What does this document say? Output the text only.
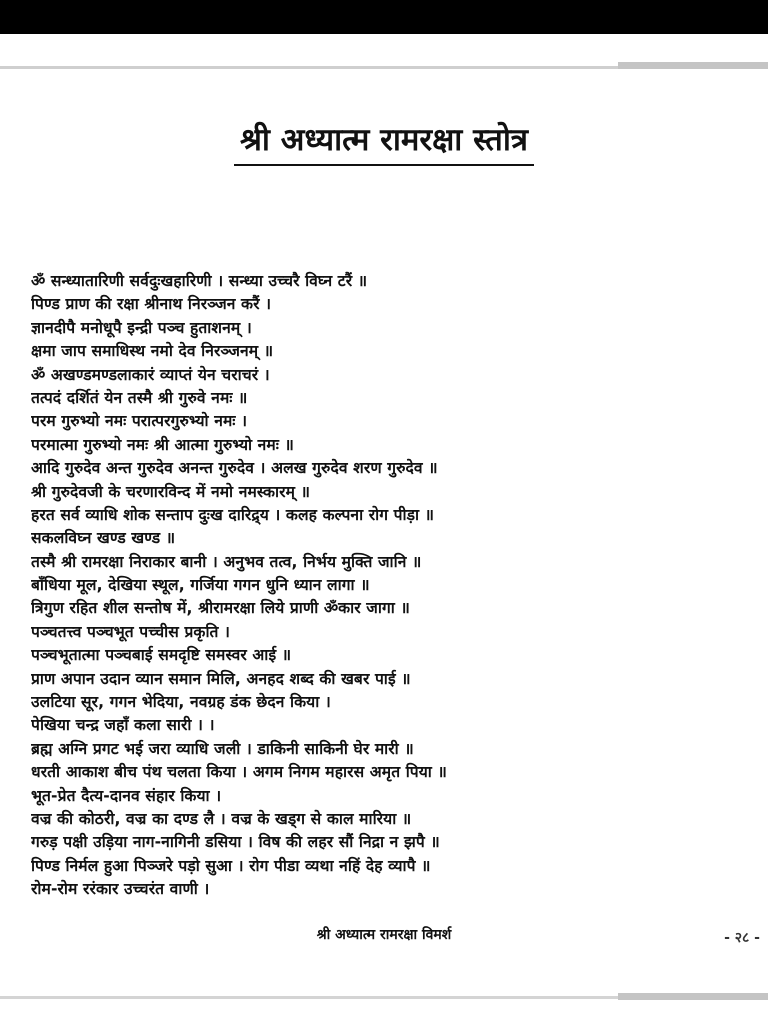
श्री अध्यात्म रामरक्षा स्तोत्र
ॐ सन्ध्यातारिणी सर्वदुःखहारिणी । सन्ध्या उच्चरै विघ्न टरैं ॥
पिण्ड प्राण की रक्षा श्रीनाथ निरञ्जन करैं ।
ज्ञानदीपै मनोधूपै इन्द्री पञ्च हुताशनम् ।
क्षमा जाप समाधिस्थ नमो देव निरञ्जनम् ॥
ॐ अखण्डमण्डलाकारं व्याप्तं येन चराचरं ।
तत्पदं दर्शितं येन तस्मै श्री गुरुवे नमः ॥
परम गुरुभ्यो नमः परात्परगुरुभ्यो नमः ।
परमात्मा गुरुभ्यो नमः श्री आत्मा गुरुभ्यो नमः ॥
आदि गुरुदेव अन्त गुरुदेव अनन्त गुरुदेव । अलख गुरुदेव शरण गुरुदेव ॥
श्री गुरुदेवजी के चरणारविन्द में नमो नमस्कारम् ॥
हरत सर्व व्याधि शोक सन्ताप दुःख दारिद्र्य । कलह कल्पना रोग पीड़ा ॥
सकलविघ्न खण्ड खण्ड ॥
तस्मै श्री रामरक्षा निराकार बानी । अनुभव तत्व, निर्भय मुक्ति जानि ॥
बाँधिया मूल, देखिया स्थूल, गर्जिया गगन धुनि ध्यान लागा ॥
त्रिगुण रहित शील सन्तोष में, श्रीरामरक्षा लिये प्राणी ॐकार जागा ॥
पञ्चतत्त्व पञ्चभूत पच्चीस प्रकृति ।
पञ्चभूतात्मा पञ्चबाई समदृष्टि समस्वर आई ॥
प्राण अपान उदान व्यान समान मिलि, अनहद शब्द की खबर पाई ॥
उलटिया सूर, गगन भेदिया, नवग्रह डंक छेदन किया ।
पेखिया चन्द्र जहाँ कला सारी । ।
ब्रह्म अग्नि प्रगट भई जरा व्याधि जली । डाकिनी साकिनी घेर मारी ॥
धरती आकाश बीच पंथ चलता किया । अगम निगम महारस अमृत पिया ॥
भूत-प्रेत दैत्य-दानव संहार किया ।
वज्र की कोठरी, वज्र का दण्ड लै । वज्र के खड्ग से काल मारिया ॥
गरुड़ पक्षी उड़िया नाग-नागिनी डसिया । विष की लहर सौं निद्रा न झपै ॥
पिण्ड निर्मल हुआ पिञ्जरे पड़ो सुआ । रोग पीडा व्यथा नहिं देह व्यापै ॥
रोम-रोम ररंकार उच्चरंत वाणी ।
श्री अध्यात्म रामरक्षा विमर्श	- २८ -
